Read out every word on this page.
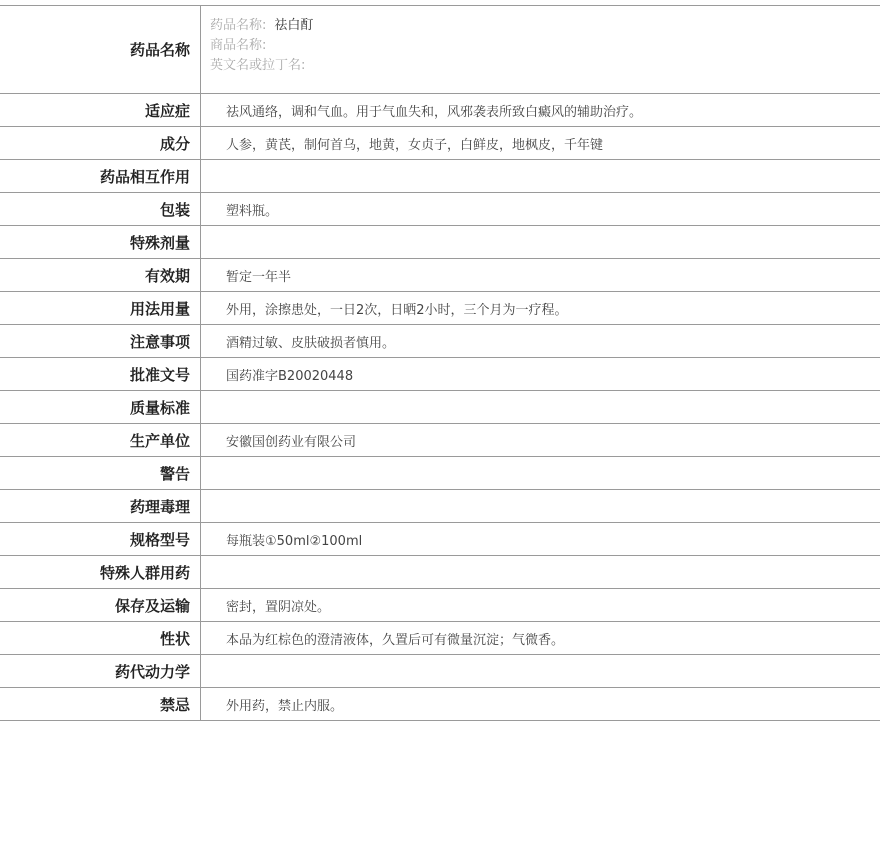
药品名称	药品名称: 祛白酊
商品名称:
英文名或拉丁名:

适应症	祛风通络，调和气血。用于气血失和，风邪袭表所致白癜风的辅助治疗。
成分	人参，黄芪，制何首乌，地黄，女贞子，白鲜皮，地枫皮，千年键
药品相互作用	
包装	塑料瓶。
特殊剂量	
有效期	暂定一年半
用法用量	外用，涂擦患处，一日2次，日晒2小时，三个月为一疗程。
注意事项	酒精过敏、皮肤破损者慎用。
批准文号	国药准字B20020448
质量标准	
生产单位	安徽国创药业有限公司
警告	
药理毒理	
规格型号	每瓶装①50ml②100ml
特殊人群用药	
保存及运输	密封，置阴凉处。
性状	本品为红棕色的澄清液体，久置后可有微量沉淀；气微香。
药代动力学	
禁忌	外用药，禁止内服。
